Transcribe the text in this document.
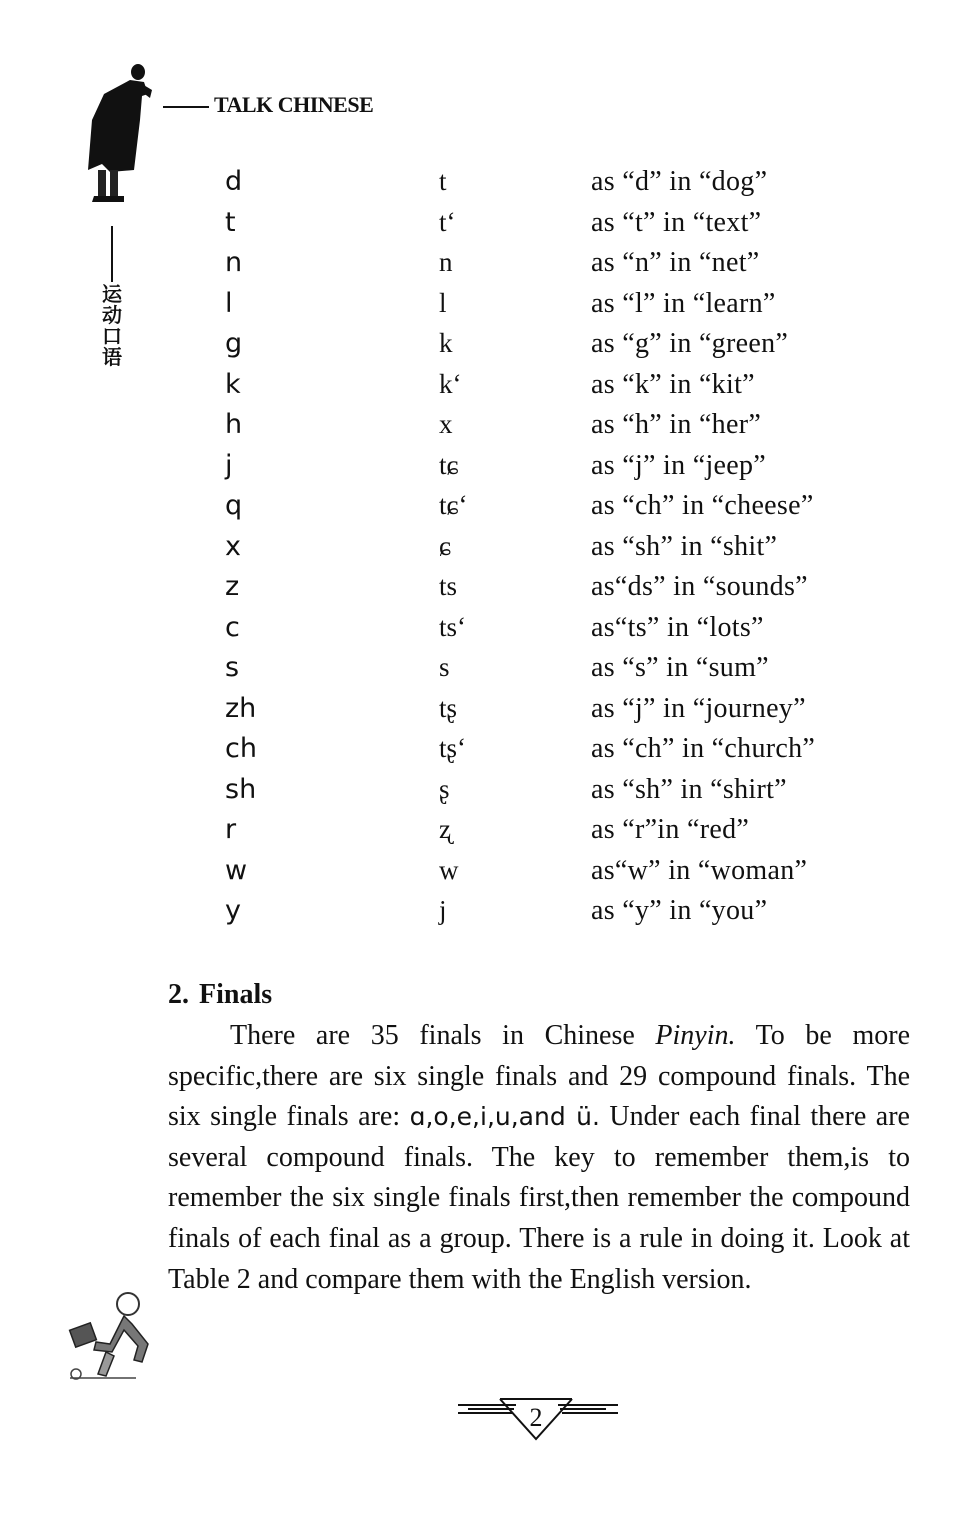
TALK CHINESE
运
动
口
语
d	t	as “d” in “dog”
t	t‘	as “t” in “text”
n	n	as “n” in “net”
l	l	as “l” in “learn”
g	k	as “g” in “green”
k	k‘	as “k” in “kit”
h	x	as “h” in “her”
j	tɕ	as “j” in “jeep”
q	tɕ‘	as “ch” in “cheese”
x	ɕ	as “sh” in “shit”
z	ts	as“ds” in “sounds”
c	ts‘	as“ts” in “lots”
s	s	as “s” in “sum”
zh	tʂ	as “j” in “journey”
ch	tʂ‘	as “ch” in “church”
sh	ʂ	as “sh” in “shirt”
r	ʐ	as “r”in “red”
w	w	as“w” in “woman”
y	j	as “y” in “you”
2. Finals

There are 35 finals in Chinese Pinyin. To be more specific,there are six single finals and 29 compound finals. The six single finals are: ɑ,o,e,i,u,and ü. Under each final there are several compound finals. The key to remember them,is to remember the six single finals first,then remember the compound finals of each final as a group. There is a rule in doing it. Look at Table 2 and compare them with the English version.

2
